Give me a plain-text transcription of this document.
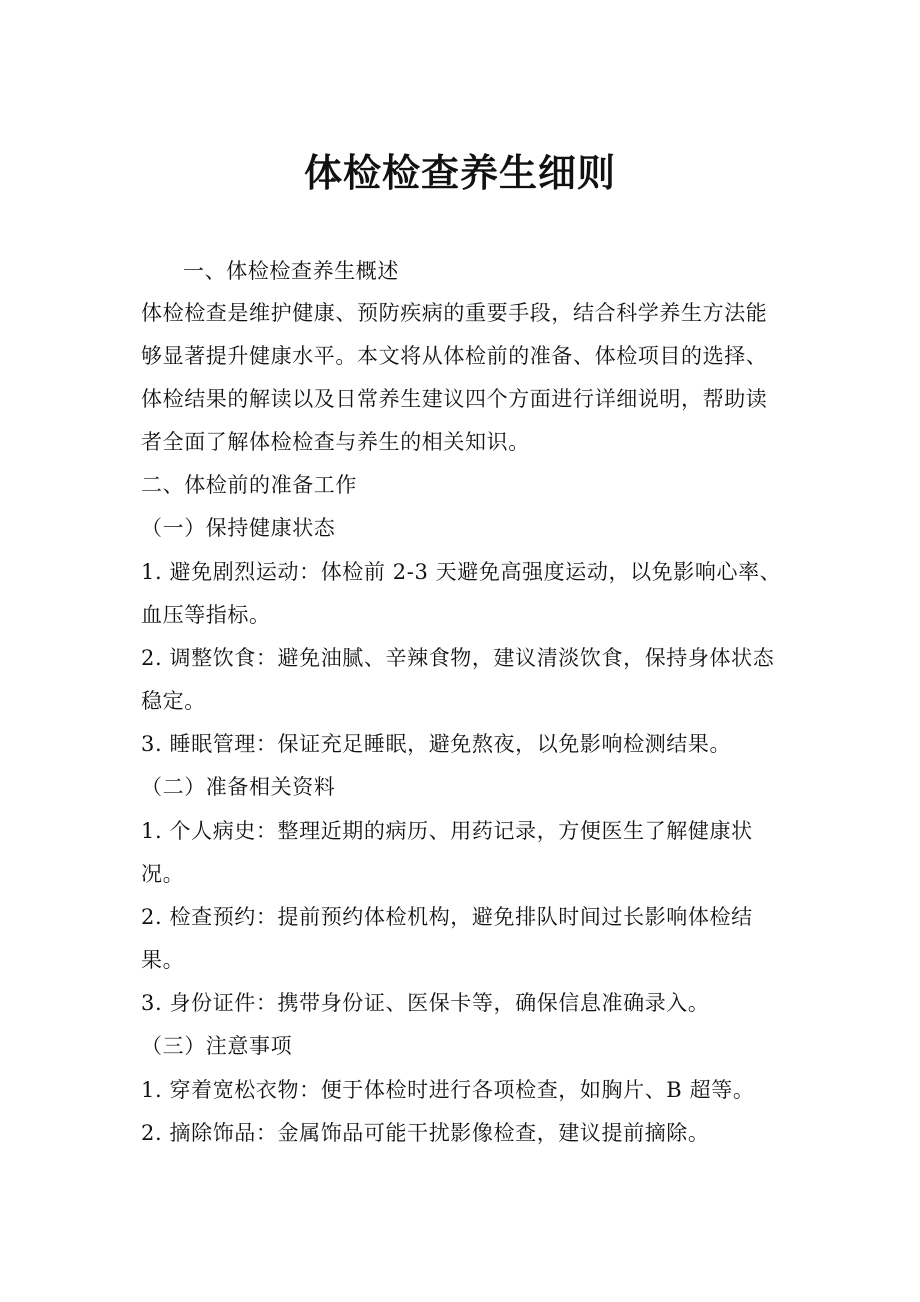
体检检查养生细则

一、体检检查养生概述

体检检查是维护健康、预防疾病的重要手段，结合科学养生方法能

够显著提升健康水平。本文将从体检前的准备、体检项目的选择、

体检结果的解读以及日常养生建议四个方面进行详细说明，帮助读

者全面了解体检检查与养生的相关知识。

二、体检前的准备工作

（一）保持健康状态

1. 避免剧烈运动：体检前 2-3 天避免高强度运动，以免影响心率、

血压等指标。

2. 调整饮食：避免油腻、辛辣食物，建议清淡饮食，保持身体状态

稳定。

3. 睡眠管理：保证充足睡眠，避免熬夜，以免影响检测结果。

（二）准备相关资料

1. 个人病史：整理近期的病历、用药记录，方便医生了解健康状

况。

2. 检查预约：提前预约体检机构，避免排队时间过长影响体检结

果。

3. 身份证件：携带身份证、医保卡等，确保信息准确录入。

（三）注意事项

1. 穿着宽松衣物：便于体检时进行各项检查，如胸片、B 超等。

2. 摘除饰品：金属饰品可能干扰影像检查，建议提前摘除。
